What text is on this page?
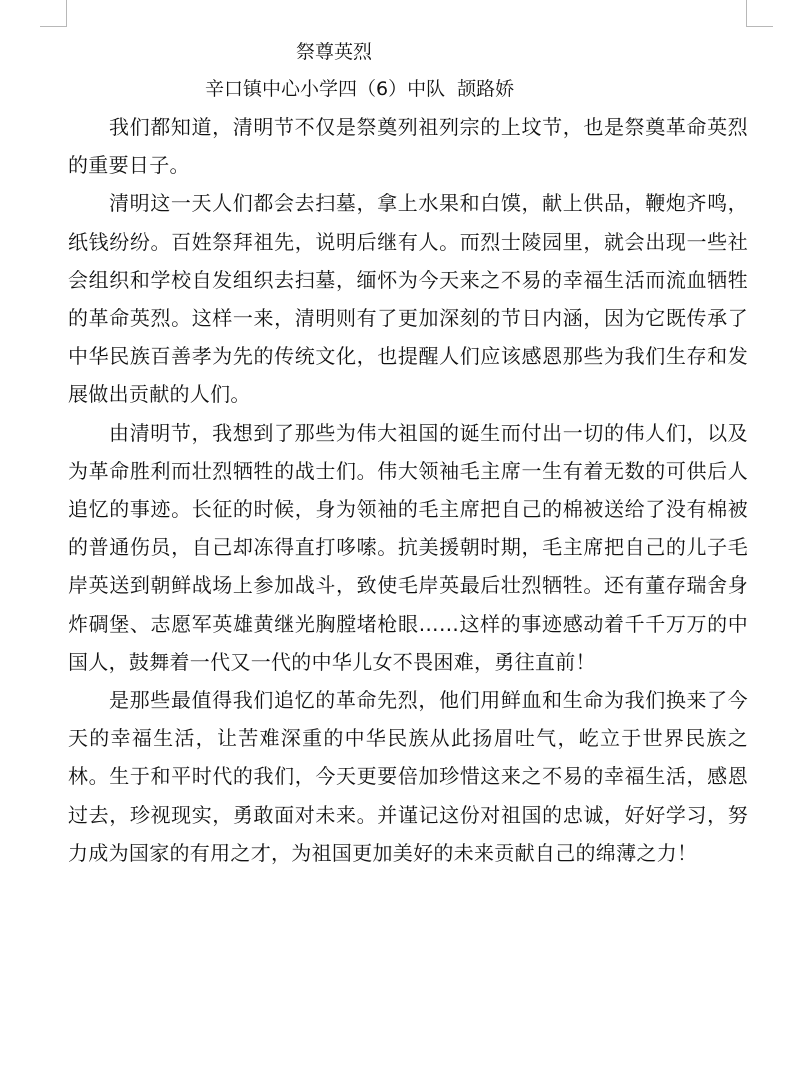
祭尊英烈
辛口镇中心小学四（6）中队  颉路娇

我们都知道，清明节不仅是祭奠列祖列宗的上坟节，也是祭奠革命英烈的重要日子。

清明这一天人们都会去扫墓，拿上水果和白馍，献上供品，鞭炮齐鸣，纸钱纷纷。百姓祭拜祖先，说明后继有人。而烈士陵园里，就会出现一些社会组织和学校自发组织去扫墓，缅怀为今天来之不易的幸福生活而流血牺牲的革命英烈。这样一来，清明则有了更加深刻的节日内涵，因为它既传承了中华民族百善孝为先的传统文化，也提醒人们应该感恩那些为我们生存和发展做出贡献的人们。

由清明节，我想到了那些为伟大祖国的诞生而付出一切的伟人们，以及为革命胜利而壮烈牺牲的战士们。伟大领袖毛主席一生有着无数的可供后人追忆的事迹。长征的时候，身为领袖的毛主席把自己的棉被送给了没有棉被的普通伤员，自己却冻得直打哆嗦。抗美援朝时期，毛主席把自己的儿子毛岸英送到朝鲜战场上参加战斗，致使毛岸英最后壮烈牺牲。还有董存瑞舍身炸碉堡、志愿军英雄黄继光胸膛堵枪眼……这样的事迹感动着千千万万的中国人，鼓舞着一代又一代的中华儿女不畏困难，勇往直前！

是那些最值得我们追忆的革命先烈，他们用鲜血和生命为我们换来了今天的幸福生活，让苦难深重的中华民族从此扬眉吐气，屹立于世界民族之林。生于和平时代的我们，今天更要倍加珍惜这来之不易的幸福生活，感恩过去，珍视现实，勇敢面对未来。并谨记这份对祖国的忠诚，好好学习，努力成为国家的有用之才，为祖国更加美好的未来贡献自己的绵薄之力！
